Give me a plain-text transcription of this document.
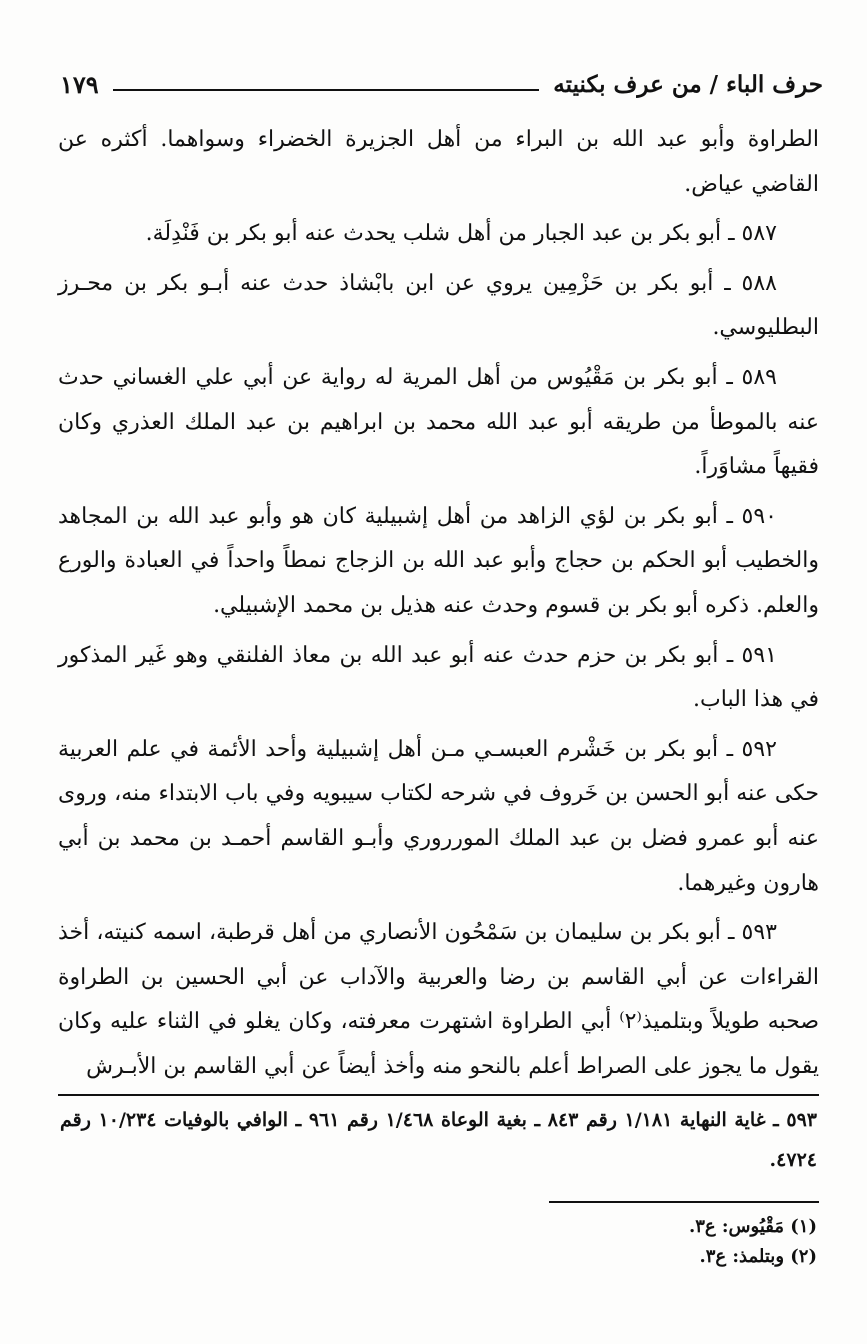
حرف الباء / من عرف بكنيته
١٧٩

الطراوة وأبو عبد الله بن البراء من أهل الجزيرة الخضراء وسواهما. أكثره عن القاضي عياض.

٥٨٧ ـ أبو بكر بن عبد الجبار من أهل شلب يحدث عنه أبو بكر بن فَنْدِلَة.

٥٨٨ ـ أبو بكر بن حَزْمِين يروي عن ابن بابْشاذ حدث عنه أبـو بكر بن محـرز البطليوسي.

٥٨٩ ـ أبو بكر بن مَقْيُوس من أهل المرية له رواية عن أبي علي الغساني حدث عنه بالموطأ من طريقه أبو عبد الله محمد بن ابراهيم بن عبد الملك العذري وكان فقيهاً مشاوَراً.

٥٩٠ ـ أبو بكر بن لؤي الزاهد من أهل إشبيلية كان هو وأبو عبد الله بن المجاهد والخطيب أبو الحكم بن حجاج وأبو عبد الله بن الزجاج نمطاً واحداً في العبادة والورع والعلم. ذكره أبو بكر بن قسوم وحدث عنه هذيل بن محمد الإشبيلي.

٥٩١ ـ أبو بكر بن حزم حدث عنه أبو عبد الله بن معاذ الفلنقي وهو غَير المذكور في هذا الباب.

٥٩٢ ـ أبو بكر بن خَشْرم العبسـي مـن أهل إشبيلية وأحد الأئمة في علم العربية حكى عنه أبو الحسن بن خَروف في شرحه لكتاب سيبويه وفي باب الابتداء منه، وروى عنه أبو عمرو فضل بن عبد الملك المورروري وأبـو القاسم أحمـد بن محمد بن أبي هارون وغيرهما.

٥٩٣ ـ أبو بكر بن سليمان بن سَمْحُون الأنصاري من أهل قرطبة، اسمه كنيته، أخذ القراءات عن أبي القاسم بن رضا والعربية والآداب عن أبي الحسين بن الطراوة صحبه طويلاً وبتلميذ⁽٢⁾ أبي الطراوة اشتهرت معرفته، وكان يغلو في الثناء عليه وكان يقول ما يجوز على الصراط أعلم بالنحو منه وأخذ أيضاً عن أبي القاسم بن الأبـرش

٥٩٣ ـ غاية النهاية ١/١٨١ رقم ٨٤٣ ـ بغية الوعاة ١/٤٦٨ رقم ٩٦١ ـ الوافي بالوفيات ١٠/٢٣٤ رقم ٤٧٢٤.
(١) مَقْيُوس: ع٣.
(٢) وبتلمذ: ع٣.
